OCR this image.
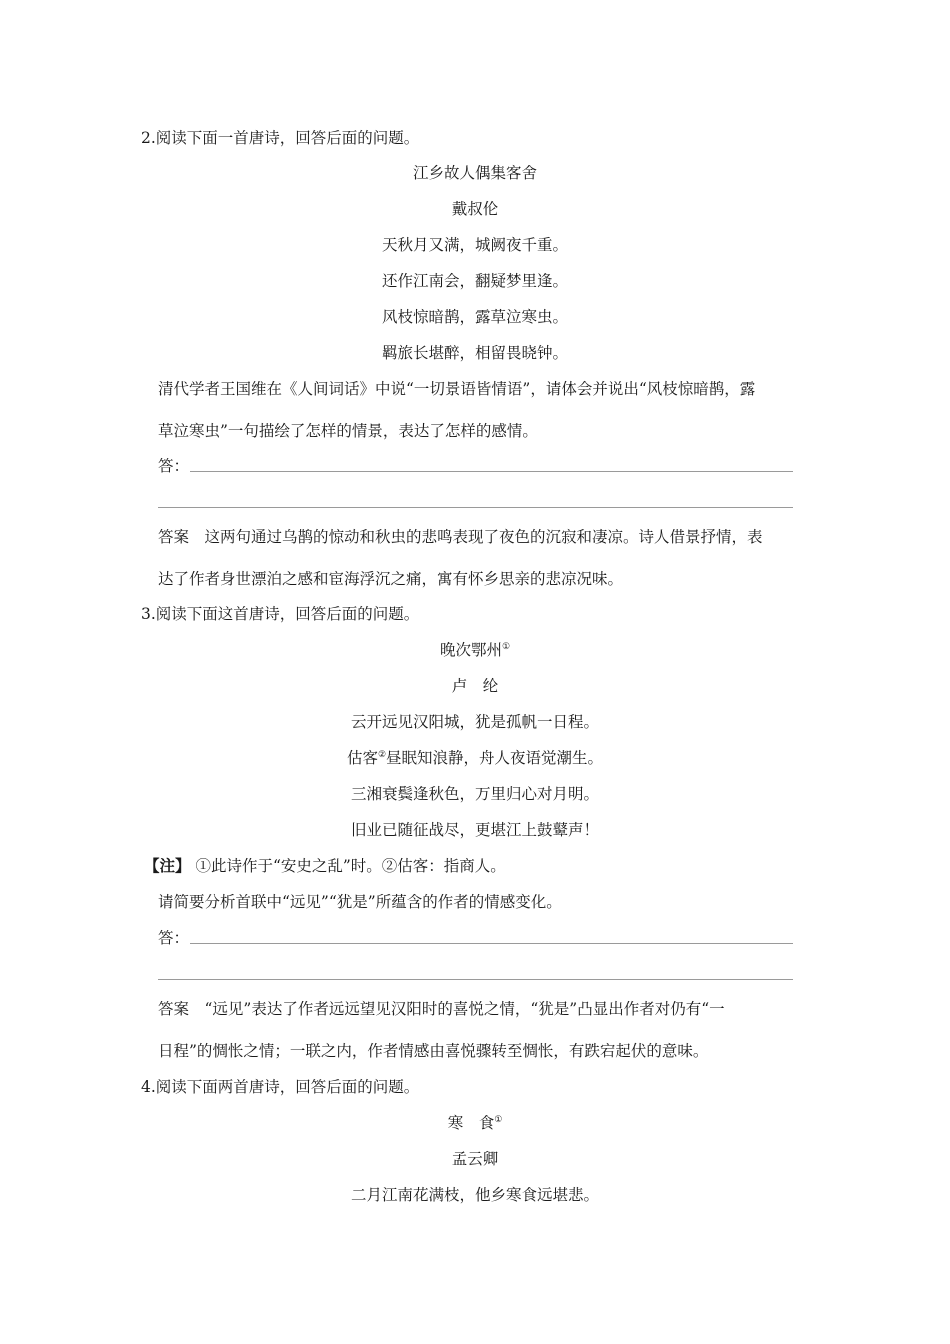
2.阅读下面一首唐诗，回答后面的问题。
江乡故人偶集客舍
戴叔伦
天秋月又满，城阙夜千重。
还作江南会，翻疑梦里逢。
风枝惊暗鹊，露草泣寒虫。
羁旅长堪醉，相留畏晓钟。
清代学者王国维在《人间词话》中说“一切景语皆情语”，请体会并说出“风枝惊暗鹊，露
草泣寒虫”一句描绘了怎样的情景，表达了怎样的感情。
答：
答案　这两句通过乌鹊的惊动和秋虫的悲鸣表现了夜色的沉寂和凄凉。诗人借景抒情，表
达了作者身世漂泊之感和宦海浮沉之痛，寓有怀乡思亲的悲凉况味。
3.阅读下面这首唐诗，回答后面的问题。
晚次鄂州①
卢　纶
云开远见汉阳城，犹是孤帆一日程。
估客②昼眠知浪静，舟人夜语觉潮生。
三湘衰鬓逢秋色，万里归心对月明。
旧业已随征战尽，更堪江上鼓鼙声！
【注】 ①此诗作于“安史之乱”时。②估客：指商人。
请简要分析首联中“远见”“犹是”所蕴含的作者的情感变化。
答：
答案　“远见”表达了作者远远望见汉阳时的喜悦之情，“犹是”凸显出作者对仍有“一
日程”的惆怅之情；一联之内，作者情感由喜悦骤转至惆怅，有跌宕起伏的意味。
4.阅读下面两首唐诗，回答后面的问题。
寒　食①
孟云卿
二月江南花满枝，他乡寒食远堪悲。
